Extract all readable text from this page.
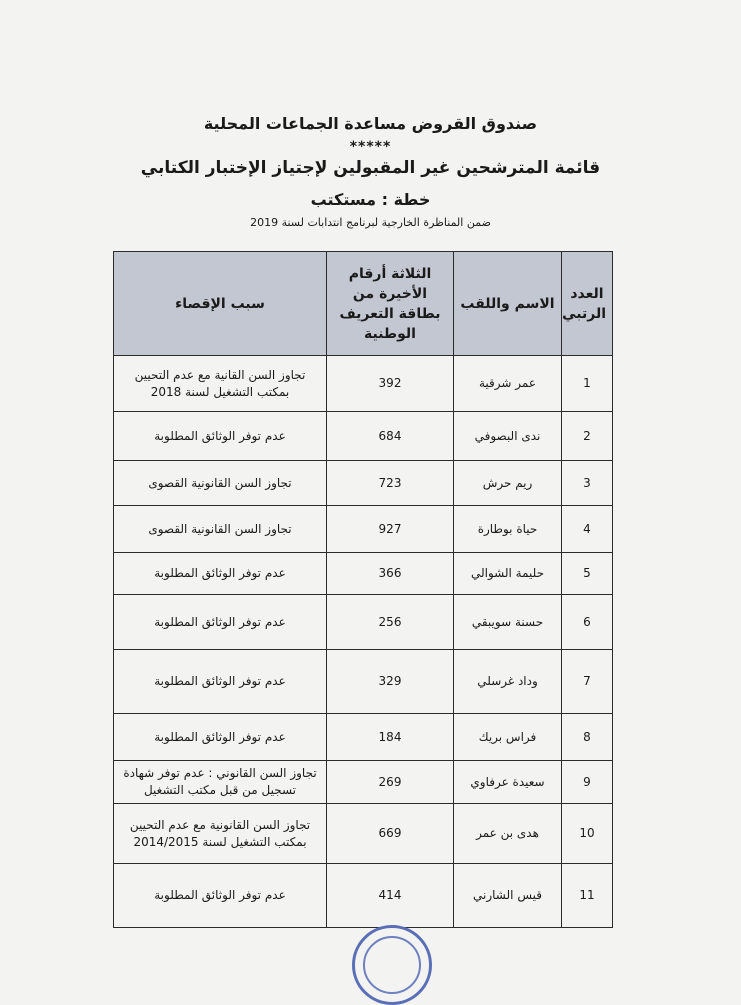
صندوق القروض مساعدة الجماعات المحلية
*****
قائمة المترشحين غير المقبولين لإجتياز الإختبار الكتابي
خطة : مستكتب
ضمن المناظرة الخارجية لبرنامج انتدابات لسنة 2019
العدد الرتبي	الاسم واللقب	الثلاثة أرقام الأخيرة من بطاقة التعريف الوطنية	سبب الإقصاء
1	عمر شرقية	392	تجاوز السن القانية مع عدم التحيين بمكتب التشغيل لسنة 2018
2	ندى البصوفي	684	عدم توفر الوثائق المطلوبة
3	ريم حرش	723	تجاوز السن القانونية القصوى
4	حياة بوطارة	927	تجاوز السن القانونية القصوى
5	حليمة الشوالي	366	عدم توفر الوثائق المطلوبة
6	حسنة سويبقي	256	عدم توفر الوثائق المطلوبة
7	وداد غرسلي	329	عدم توفر الوثائق المطلوبة
8	فراس بريك	184	عدم توفر الوثائق المطلوبة
9	سعيدة عرفاوي	269	تجاوز السن القانوني : عدم توفر شهادة تسجيل من قبل مكتب التشغيل
10	هدى بن عمر	669	تجاوز السن القانونية مع عدم التحيين بمكتب التشغيل لسنة 2014/2015
11	قيس الشارني	414	عدم توفر الوثائق المطلوبة
